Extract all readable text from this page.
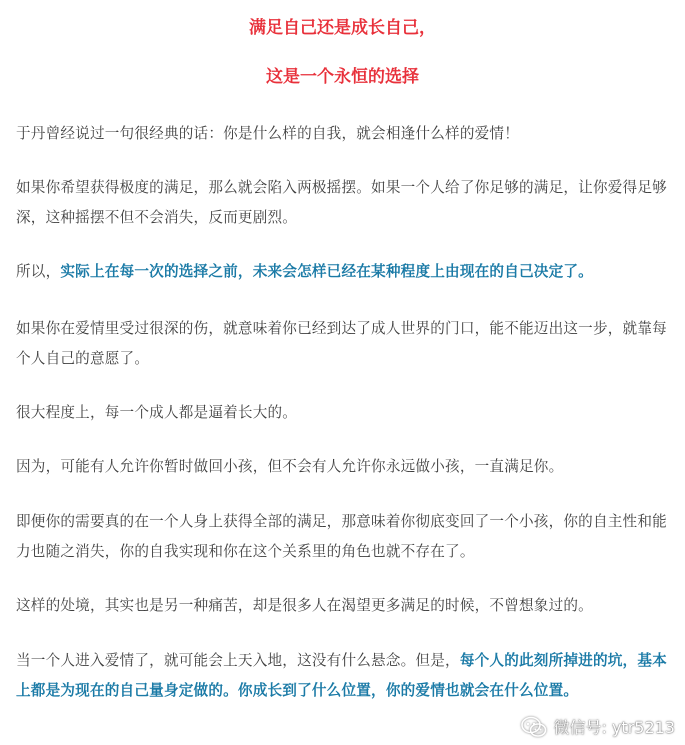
满足自己还是成长自己，
这是一个永恒的选择

于丹曾经说过一句很经典的话：你是什么样的自我，就会相逢什么样的爱情！

如果你希望获得极度的满足，那么就会陷入两极摇摆。如果一个人给了你足够的满足，让你爱得足够深，这种摇摆不但不会消失，反而更剧烈。

所以，实际上在每一次的选择之前，未来会怎样已经在某种程度上由现在的自己决定了。

如果你在爱情里受过很深的伤，就意味着你已经到达了成人世界的门口，能不能迈出这一步，就靠每个人自己的意愿了。

很大程度上，每一个成人都是逼着长大的。

因为，可能有人允许你暂时做回小孩，但不会有人允许你永远做小孩，一直满足你。

即便你的需要真的在一个人身上获得全部的满足，那意味着你彻底变回了一个小孩，你的自主性和能力也随之消失，你的自我实现和你在这个关系里的角色也就不存在了。

这样的处境，其实也是另一种痛苦，却是很多人在渴望更多满足的时候，不曾想象过的。

当一个人进入爱情了，就可能会上天入地，这没有什么悬念。但是，每个人的此刻所掉进的坑，基本上都是为现在的自己量身定做的。你成长到了什么位置，你的爱情也就会在什么位置。

微信号: ytr5213
